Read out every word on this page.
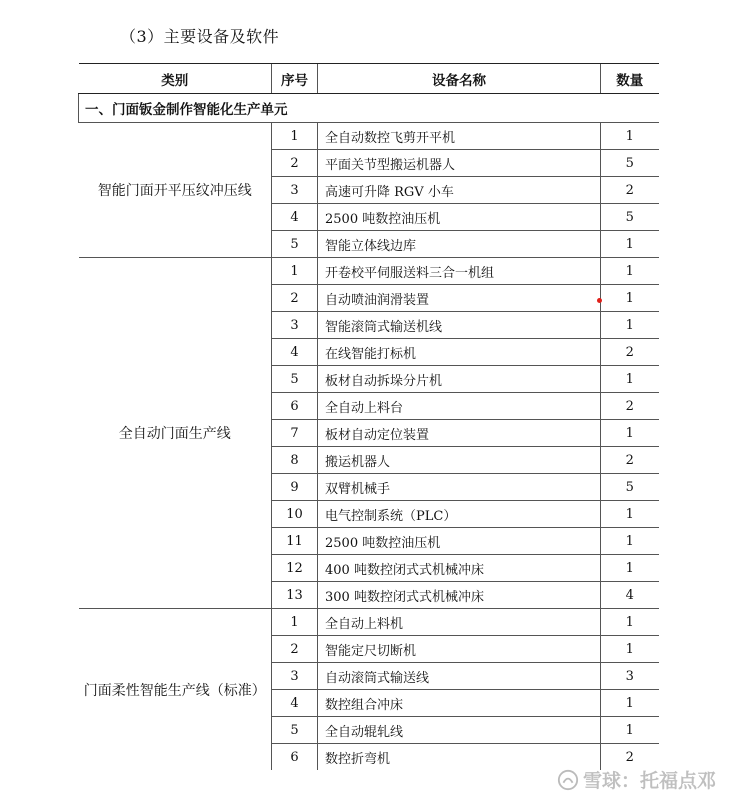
（3）主要设备及软件
类别	序号	设备名称	数量
一、门面钣金制作智能化生产单元			
智能门面开平压纹冲压线	1	全自动数控飞剪开平机	1
	2	平面关节型搬运机器人	5
	3	高速可升降 RGV 小车	2
	4	2500 吨数控油压机	5
	5	智能立体线边库	1
全自动门面生产线	1	开卷校平伺服送料三合一机组	1
	2	自动喷油润滑装置	1
	3	智能滚筒式输送机线	1
	4	在线智能打标机	2
	5	板材自动拆垛分片机	1
	6	全自动上料台	2
	7	板材自动定位装置	1
	8	搬运机器人	2
	9	双臂机械手	5
	10	电气控制系统（PLC）	1
	11	2500 吨数控油压机	1
	12	400 吨数控闭式式机械冲床	1
	13	300 吨数控闭式式机械冲床	4
门面柔性智能生产线（标准）	1	全自动上料机	1
	2	智能定尺切断机	1
	3	自动滚筒式输送线	3
	4	数控组合冲床	1
	5	全自动辊轧线	1
	6	数控折弯机	2
雪球：托福点邓
